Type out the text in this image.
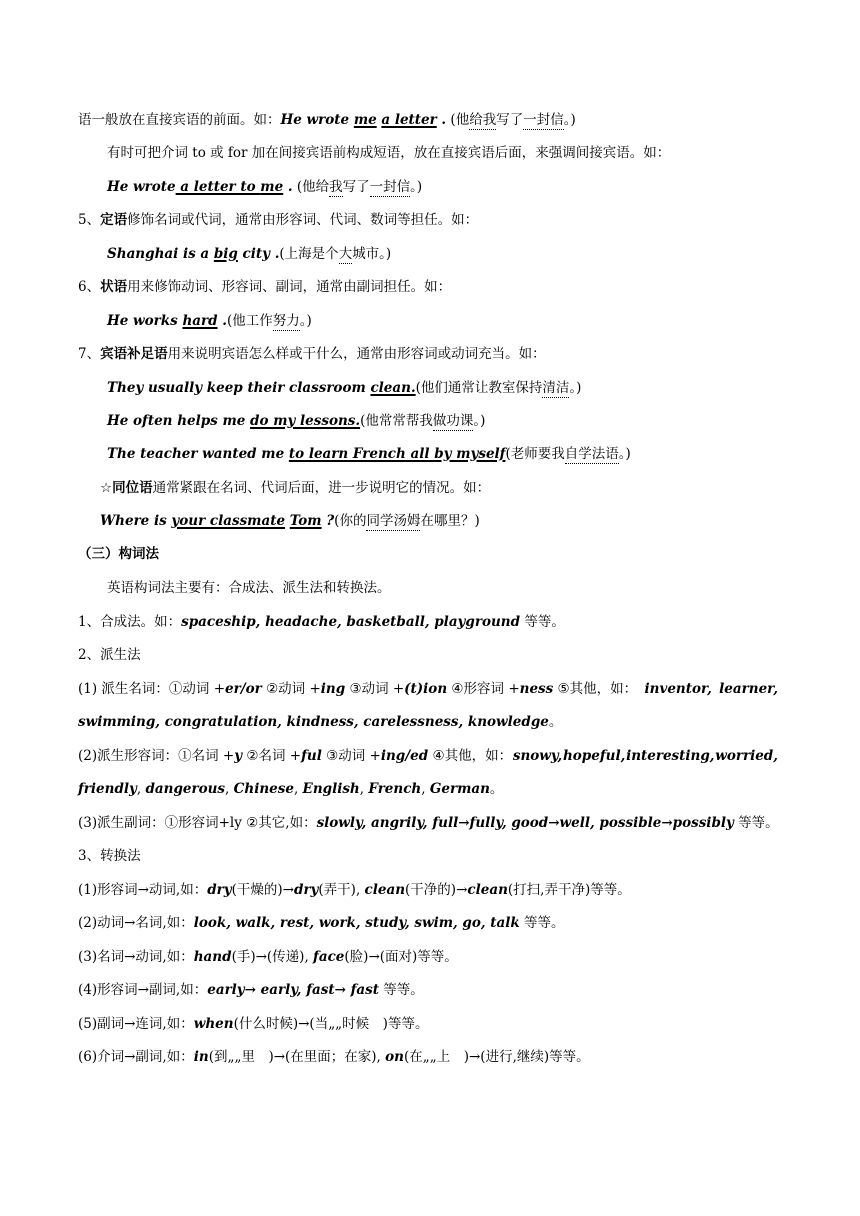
语一般放在直接宾语的前面。如：He wrote me a letter . (他给我写了一封信。)
有时可把介词 to 或 for 加在间接宾语前构成短语，放在直接宾语后面，来强调间接宾语。如：
He wrote a letter to me . (他给我写了一封信。)
5、定语修饰名词或代词，通常由形容词、代词、数词等担任。如：
Shanghai is a big city .(上海是个大城市。)
6、状语用来修饰动词、形容词、副词，通常由副词担任。如：
He works hard .(他工作努力。)
7、宾语补足语用来说明宾语怎么样或干什么，通常由形容词或动词充当。如：
They usually keep their classroom clean.(他们通常让教室保持清洁。)
He often helps me do my lessons.(他常常帮我做功课。)
The teacher wanted me to learn French all by myself(老师要我自学法语。)
☆同位语通常紧跟在名词、代词后面，进一步说明它的情况。如：
Where is your classmate Tom ?(你的同学汤姆在哪里？)
（三）构词法
英语构词法主要有：合成法、派生法和转换法。
1、合成法。如：spaceship, headache, basketball, playground 等等。
2、派生法
(1) 派生名词：①动词 +er/or ②动词 +ing ③动词 +(t)ion ④形容词 +ness ⑤其他，如： inventor, learner,
swimming, congratulation, kindness, carelessness, knowledge。
(2)派生形容词：①名词 +y ②名词 +ful ③动词 +ing/ed ④其他，如： snowy, hopeful, interesting, worried,
friendly, dangerous, Chinese, English, French, German。
(3)派生副词：①形容词+ly ②其它,如：slowly, angrily, full→fully, good→well, possible→possibly 等等。
3、转换法
(1)形容词→动词,如：dry(干燥的)→dry(弄干), clean(干净的)→clean(打扫,弄干净)等等。
(2)动词→名词,如：look, walk, rest, work, study, swim, go, talk 等等。
(3)名词→动词,如：hand(手)→(传递), face(脸)→(面对)等等。
(4)形容词→副词,如：early→ early, fast→ fast 等等。
(5)副词→连词,如：when(什么时候)→(当„„时候　)等等。
(6)介词→副词,如：in(到„„里　)→(在里面；在家), on(在„„上　)→(进行,继续)等等。
